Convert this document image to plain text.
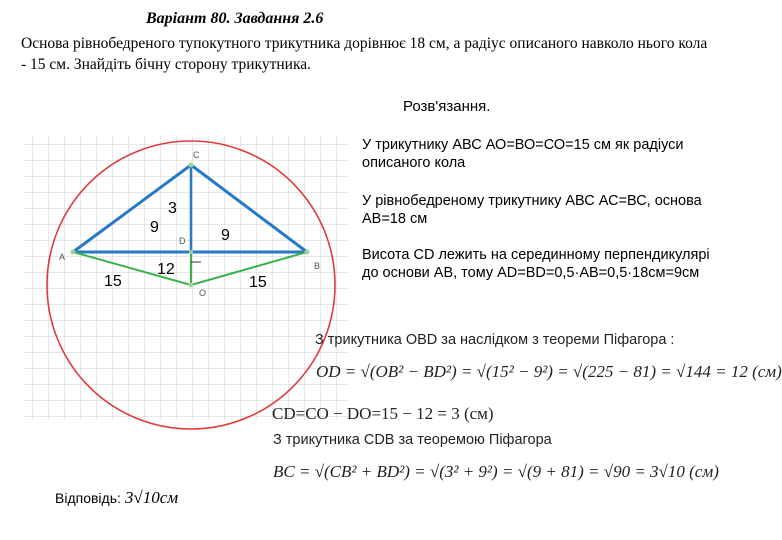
Варіант 80. Завдання 2.6
Основа рівнобедреного тупокутного трикутника дорівнює 18 см, а радіус описаного навколо нього кола - 15 см. Знайдіть бічну сторону трикутника.
А
В
С
D
О
9	9
3
12
15	15
Розв'язання.
У трикутнику АВС АО=ВО=СО=15 см як радіуси описаного кола
У рівнобедреному трикутнику АВС АС=ВС, основа АВ=18 см
Висота CD лежить на серединному перпендикулярі до основи АВ, тому AD=BD=0,5·AB=0,5·18см=9см
З трикутника OBD за наслідком з теореми Піфагора :
OD = √(OB² − BD²) = √(15² − 9²) = √(225 − 81) = √144 = 12 (см)
CD=CO − DO=15 − 12 = 3 (см)
З трикутника CDB за теоремою Піфагора
BC = √(CB² + BD²) = √(3² + 9²) = √(9 + 81) = √90 = 3√10 (см)
Відповідь: 3√10см
